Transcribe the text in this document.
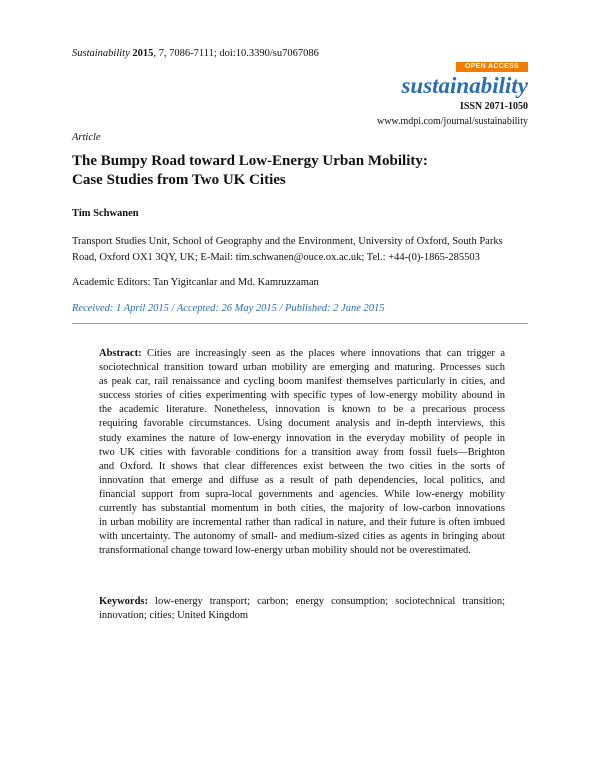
Sustainability 2015, 7, 7086-7111; doi:10.3390/su7067086
OPEN ACCESS
sustainability
ISSN 2071-1050
www.mdpi.com/journal/sustainability
Article
The Bumpy Road toward Low-Energy Urban Mobility:
Case Studies from Two UK Cities
Tim Schwanen
Transport Studies Unit, School of Geography and the Environment, University of Oxford, South Parks
Road, Oxford OX1 3QY, UK; E-Mail: tim.schwanen@ouce.ox.ac.uk; Tel.: +44-(0)-1865-285503
Academic Editors: Tan Yigitcanlar and Md. Kamruzzaman
Received: 1 April 2015 / Accepted: 26 May 2015 / Published: 2 June 2015
Abstract: Cities are increasingly seen as the places where innovations that can trigger a
sociotechnical transition toward urban mobility are emerging and maturing. Processes such
as peak car, rail renaissance and cycling boom manifest themselves particularly in cities, and
success stories of cities experimenting with specific types of low-energy mobility abound in
the academic literature. Nonetheless, innovation is known to be a precarious process
requiring favorable circumstances. Using document analysis and in-depth interviews, this
study examines the nature of low-energy innovation in the everyday mobility of people in
two UK cities with favorable conditions for a transition away from fossil fuels—Brighton
and Oxford. It shows that clear differences exist between the two cities in the sorts of
innovation that emerge and diffuse as a result of path dependencies, local politics, and
financial support from supra-local governments and agencies. While low-energy mobility
currently has substantial momentum in both cities, the majority of low-carbon innovations
in urban mobility are incremental rather than radical in nature, and their future is often imbued
with uncertainty. The autonomy of small- and medium-sized cities as agents in bringing about
transformational change toward low-energy urban mobility should not be overestimated.
Keywords: low-energy transport; carbon; energy consumption; sociotechnical transition;
innovation; cities; United Kingdom
